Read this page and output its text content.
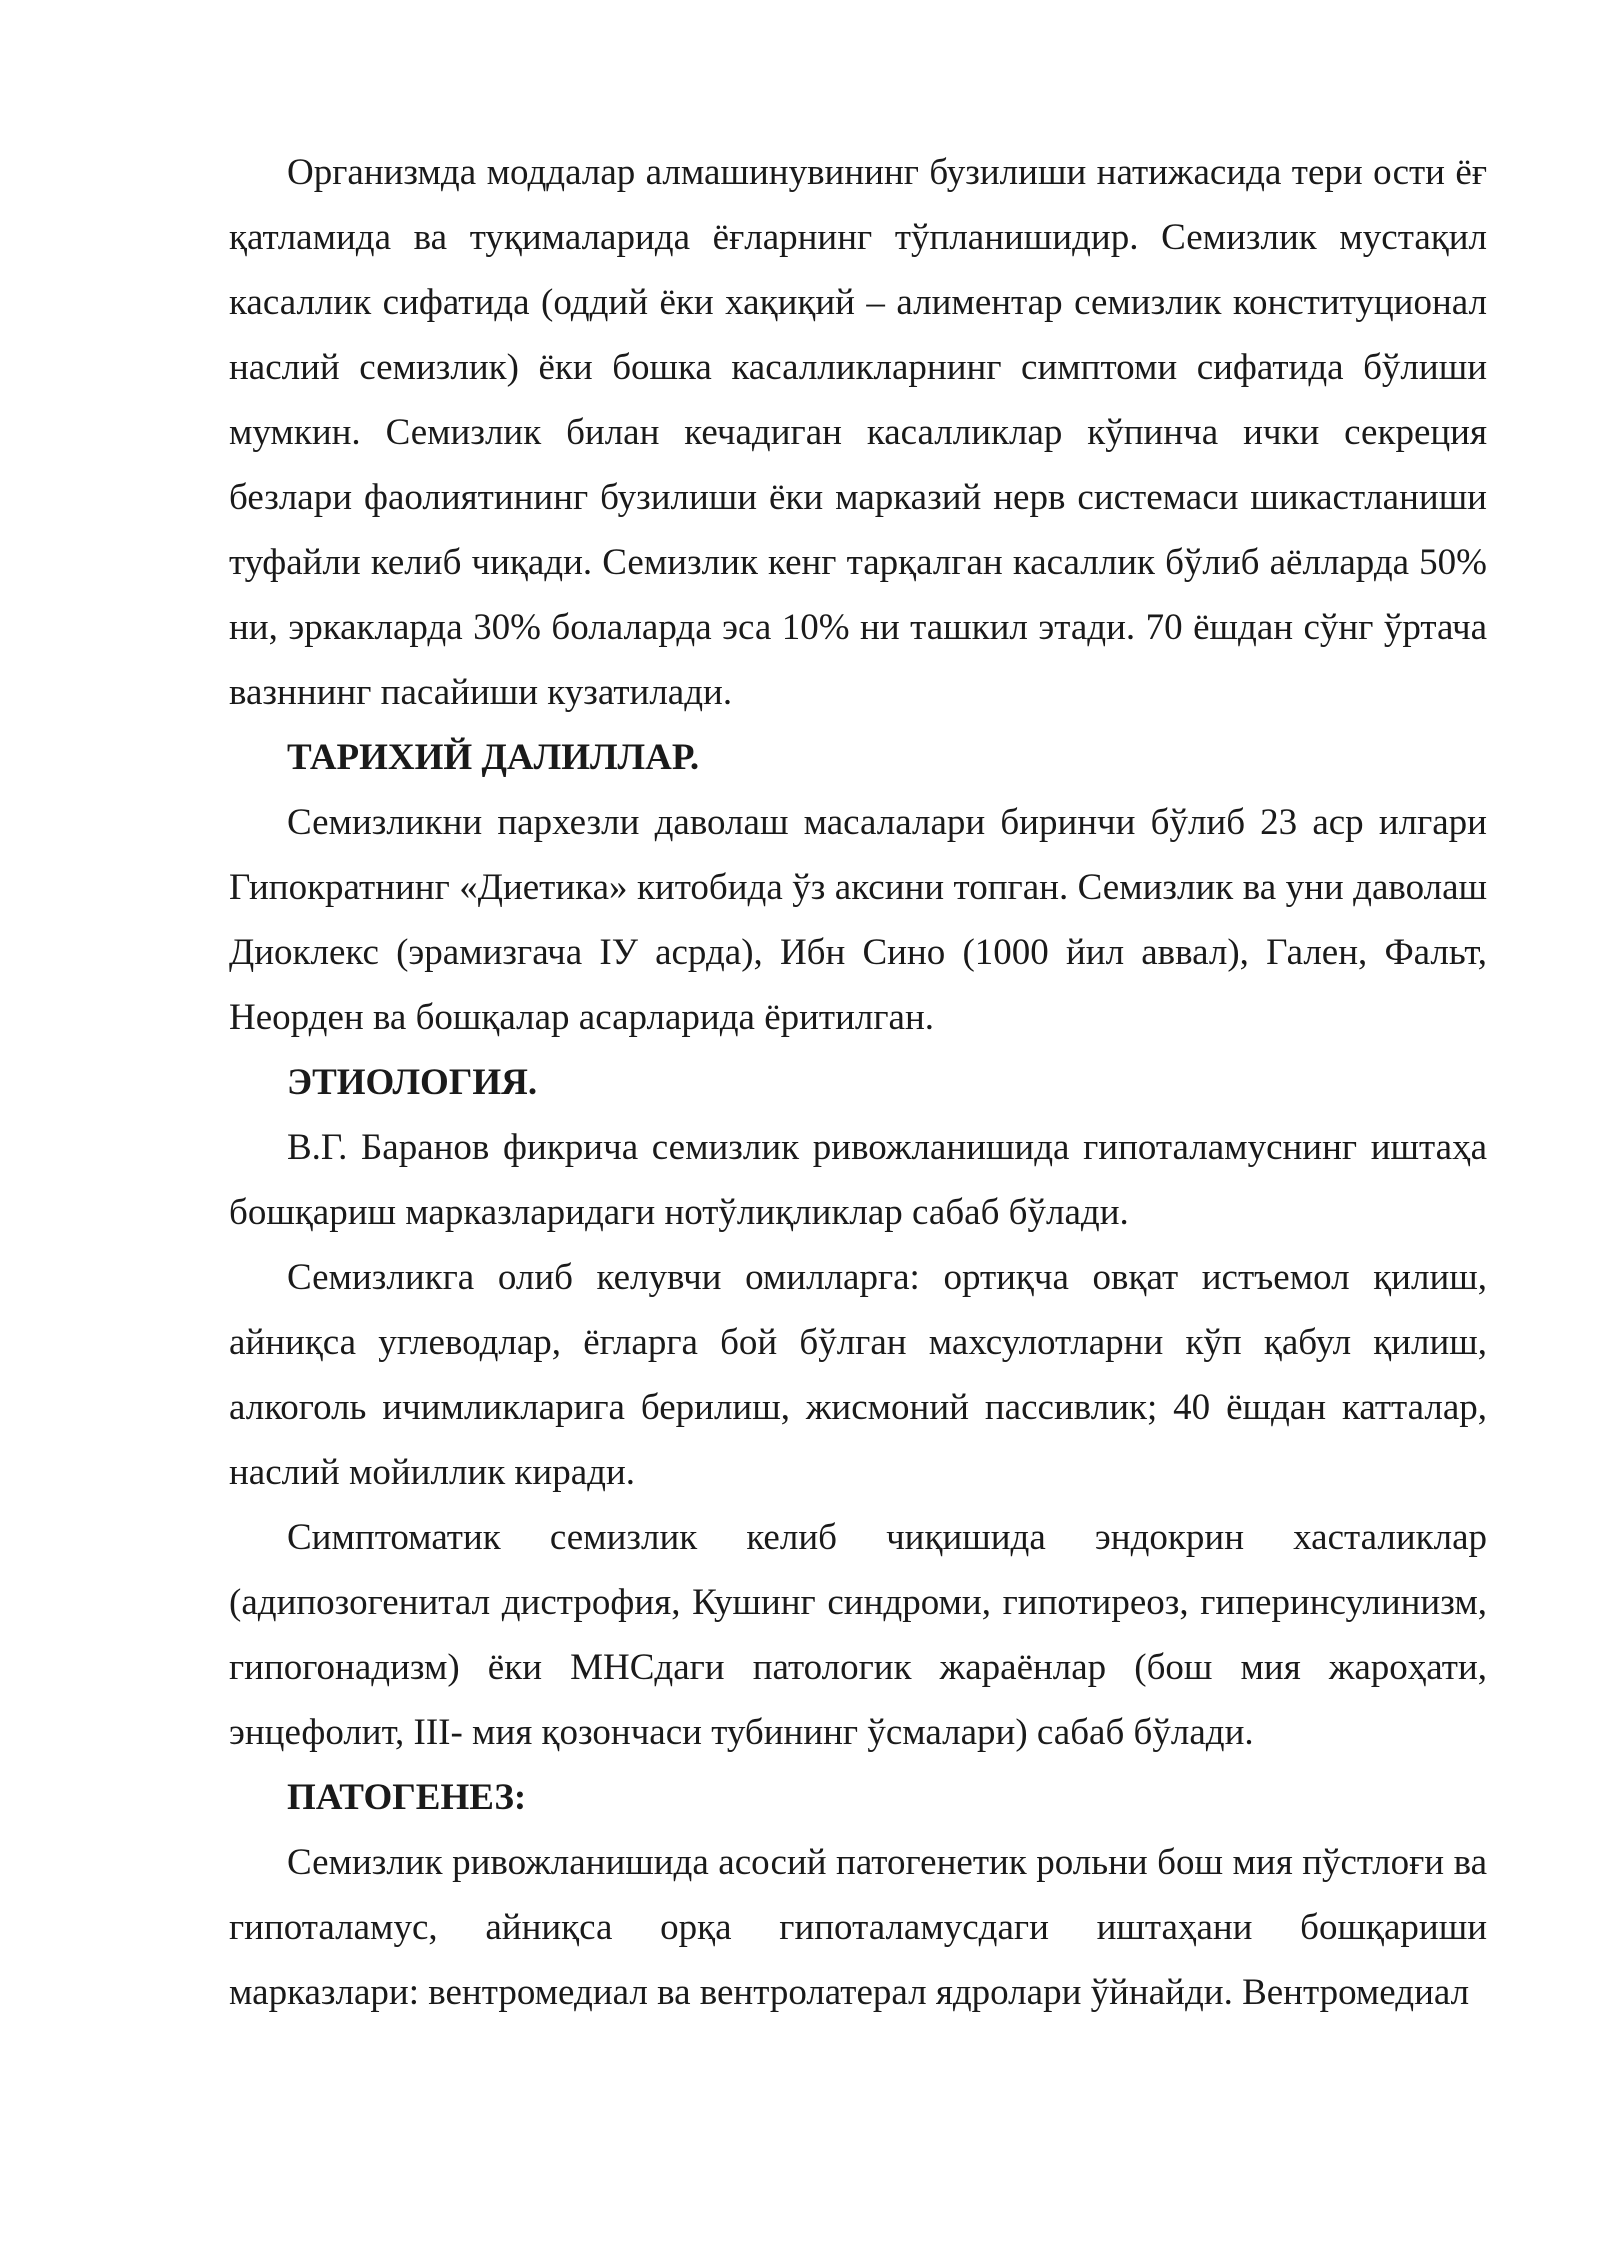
Организмда моддалар алмашинувининг бузилиши натижасида тери ости ёғ қатламида ва туқималарида ёғларнинг тўпланишидир. Семизлик мустақил касаллик сифатида (оддий ёки хақиқий – алиментар семизлик конституционал наслий семизлик) ёки бошка касалликларнинг симптоми сифатида бўлиши мумкин. Семизлик билан кечадиган касалликлар кўпинча ички секреция безлари фаолиятининг бузилиши ёки марказий нерв системаси шикастланиши туфайли келиб чиқади. Семизлик кенг тарқалган касаллик бўлиб аёлларда 50% ни, эркакларда 30% болаларда эса 10% ни ташкил этади. 70 ёшдан сўнг ўртача вазннинг пасайиши кузатилади.

ТАРИХИЙ ДАЛИЛЛАР.

Семизликни пархезли даволаш масалалари биринчи бўлиб 23 аср илгари Гипократнинг «Диетика» китобида ўз аксини топган. Семизлик ва уни даволаш Диоклекс (эрамизгача IУ асрда), Ибн Сино (1000 йил аввал), Гален, Фальт, Неорден ва бошқалар асарларида ёритилган.

ЭТИОЛОГИЯ.

В.Г. Баранов фикрича семизлик ривожланишида гипоталамуснинг иштаҳа бошқариш марказларидаги нотўлиқликлар сабаб бўлади.

Семизликга олиб келувчи омилларга: ортиқча овқат истъемол қилиш, айниқса углеводлар, ёгларга бой бўлган махсулотларни кўп қабул қилиш, алкоголь ичимликларига берилиш, жисмоний пассивлик; 40 ёшдан катталар, наслий мойиллик киради.

Симптоматик семизлик келиб чиқишида эндокрин хасталиклар (адипозогенитал дистрофия, Кушинг синдроми, гипотиреоз, гиперинсулинизм, гипогонадизм) ёки МНСдаги патологик жараёнлар (бош мия жароҳати, энцефолит, III- мия қозончаси тубининг ўсмалари) сабаб бўлади.

ПАТОГЕНЕЗ:

Семизлик ривожланишида асосий патогенетик рольни бош мия пўстлоғи ва гипоталамус, айниқса орқа гипоталамусдаги иштаҳани бошқариши марказлари: вентромедиал ва вентролатерал ядролари ўйнайди. Вентромедиал
